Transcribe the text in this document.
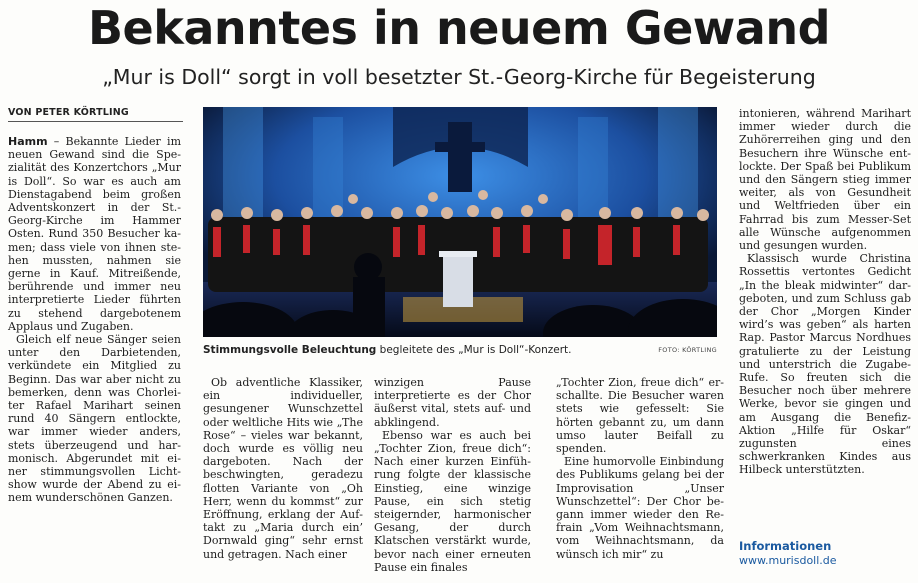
Bekanntes in neuem Gewand
„Mur is Doll“ sorgt in voll besetzter St.-Georg-Kirche für Begeisterung
VON PETER KÖRTLING

Hamm – Bekannte Lieder im neuen Gewand sind die Spezialität des Konzertchors „Mur is Doll“. So war es auch am Dienstagabend beim großen Adventskonzert in der St.-Georg-Kirche im Hammer Osten. Rund 350 Besucher kamen; dass viele von ihnen stehen mussten, nahmen sie gerne in Kauf. Mitreißende, berührende und immer neu interpretierte Lieder führten zu stehend dargebotenem Applaus und Zugaben.

Gleich elf neue Sänger seien unter den Darbietenden, verkündete ein Mitglied zu Beginn. Das war aber nicht zu bemerken, denn was Chorleiter Rafael Marihart seinen rund 40 Sängern entlockte, war immer wieder anders, stets überzeugend und harmonisch. Abgerundet mit einer stimmungsvollen Lichtshow wurde der Abend zu einem wunderschönen Ganzen.

Stimmungsvolle Beleuchtung begleitete des „Mur is Doll“-Konzert.	FOTO: KÖRTLING

Ob adventliche Klassiker, ein individueller, gesungener Wunschzettel oder weltliche Hits wie „The Rose“ – vieles war bekannt, doch wurde es völlig neu dargeboten. Nach der beschwingten, geradezu flotten Variante von „Oh Herr, wenn du kommst“ zur Eröffnung, erklang der Auftakt zu „Maria durch ein’ Dornwald ging“ sehr ernst und getragen. Nach einer

winzigen Pause interpretierte es der Chor äußerst vital, stets auf- und abklingend.

Ebenso war es auch bei „Tochter Zion, freue dich“: Nach einer kurzen Einführung folgte der klassische Einstieg, eine winzige Pause, ein sich stetig steigernder, harmonischer Gesang, der durch Klatschen verstärkt wurde, bevor nach einer erneuten Pause ein finales

„Tochter Zion, freue dich“ erschallte. Die Besucher waren stets wie gefesselt: Sie hörten gebannt zu, um dann umso lauter Beifall zu spenden.

Eine humorvolle Einbindung des Publikums gelang bei der Improvisation „Unser Wunschzettel“: Der Chor begann immer wieder den Refrain „Vom Weihnachtsmann, vom Weihnachtsmann, da wünsch ich mir“ zu

intonieren, während Marihart immer wieder durch die Zuhörerreihen ging und den Besuchern ihre Wünsche entlockte. Der Spaß bei Publikum und den Sängern stieg immer weiter, als von Gesundheit und Weltfrieden über ein Fahrrad bis zum Messer-Set alle Wünsche aufgenommen und gesungen wurden.

Klassisch wurde Christina Rossettis vertontes Gedicht „In the bleak midwinter“ dargeboten, und zum Schluss gab der Chor „Morgen Kinder wird’s was geben“ als harten Rap. Pastor Marcus Nordhues gratulierte zu der Leistung und unterstrich die Zugabe-Rufe. So freuten sich die Besucher noch über mehrere Werke, bevor sie gingen und am Ausgang die Benefiz-Aktion „Hilfe für Oskar“ zugunsten eines schwerkranken Kindes aus Hilbeck unterstützten.

Informationen
www.murisdoll.de
